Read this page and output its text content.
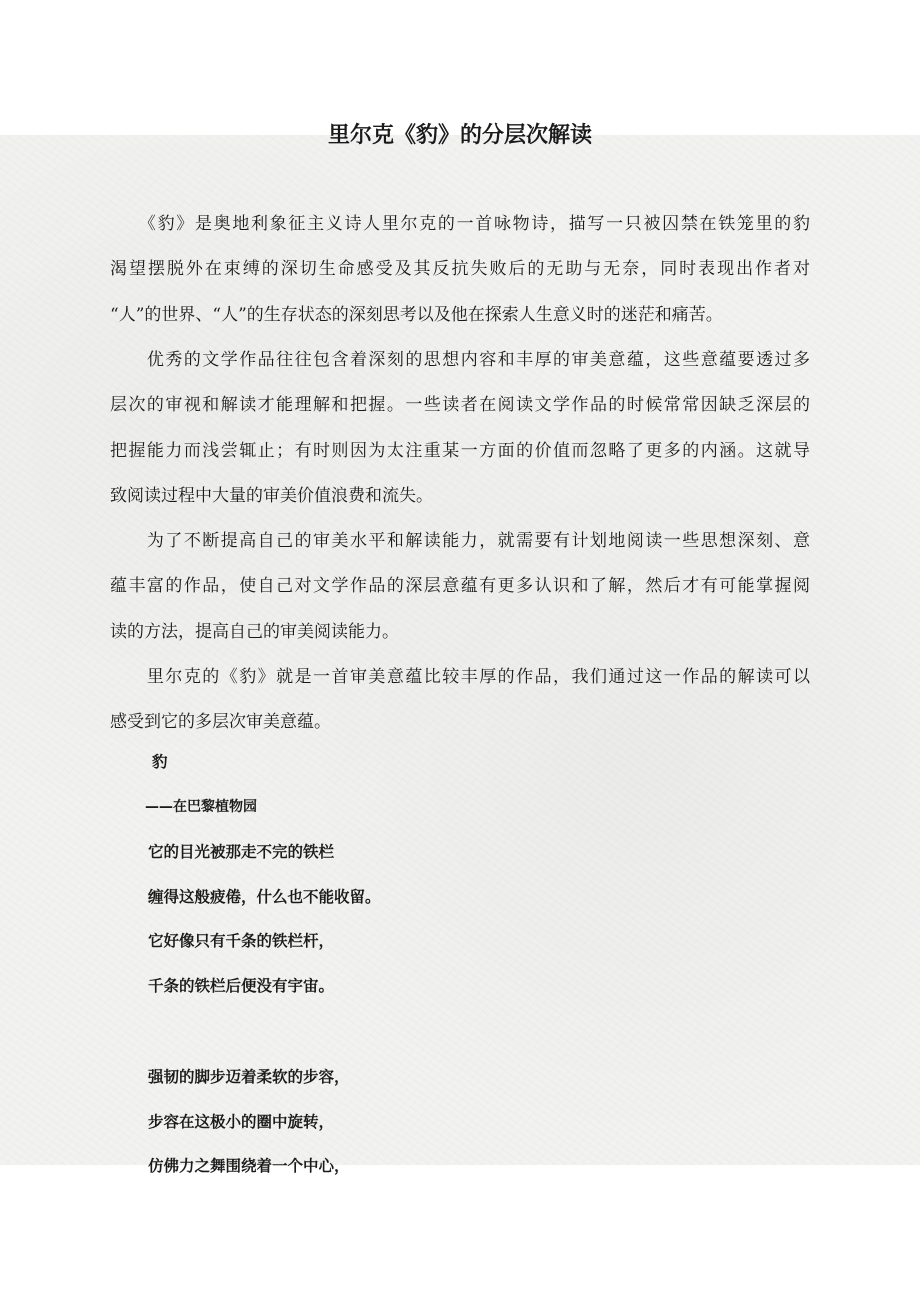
里尔克《豹》的分层次解读
　　《豹》是奥地利象征主义诗人里尔克的一首咏物诗，描写一只被囚禁在铁笼里的豹
渴望摆脱外在束缚的深切生命感受及其反抗失败后的无助与无奈，同时表现出作者对
“人”的世界、“人”的生存状态的深刻思考以及他在探索人生意义时的迷茫和痛苦。
　　优秀的文学作品往往包含着深刻的思想内容和丰厚的审美意蕴，这些意蕴要透过多
层次的审视和解读才能理解和把握。一些读者在阅读文学作品的时候常常因缺乏深层的
把握能力而浅尝辄止；有时则因为太注重某一方面的价值而忽略了更多的内涵。这就导
致阅读过程中大量的审美价值浪费和流失。
　　为了不断提高自己的审美水平和解读能力，就需要有计划地阅读一些思想深刻、意
蕴丰富的作品，使自己对文学作品的深层意蕴有更多认识和了解，然后才有可能掌握阅
读的方法，提高自己的审美阅读能力。
　　里尔克的《豹》就是一首审美意蕴比较丰厚的作品，我们通过这一作品的解读可以
感受到它的多层次审美意蕴。
豹
——在巴黎植物园
它的目光被那走不完的铁栏
缠得这般疲倦，什么也不能收留。
它好像只有千条的铁栏杆，
千条的铁栏后便没有宇宙。
强韧的脚步迈着柔软的步容，
步容在这极小的圈中旋转，
仿佛力之舞围绕着一个中心，
